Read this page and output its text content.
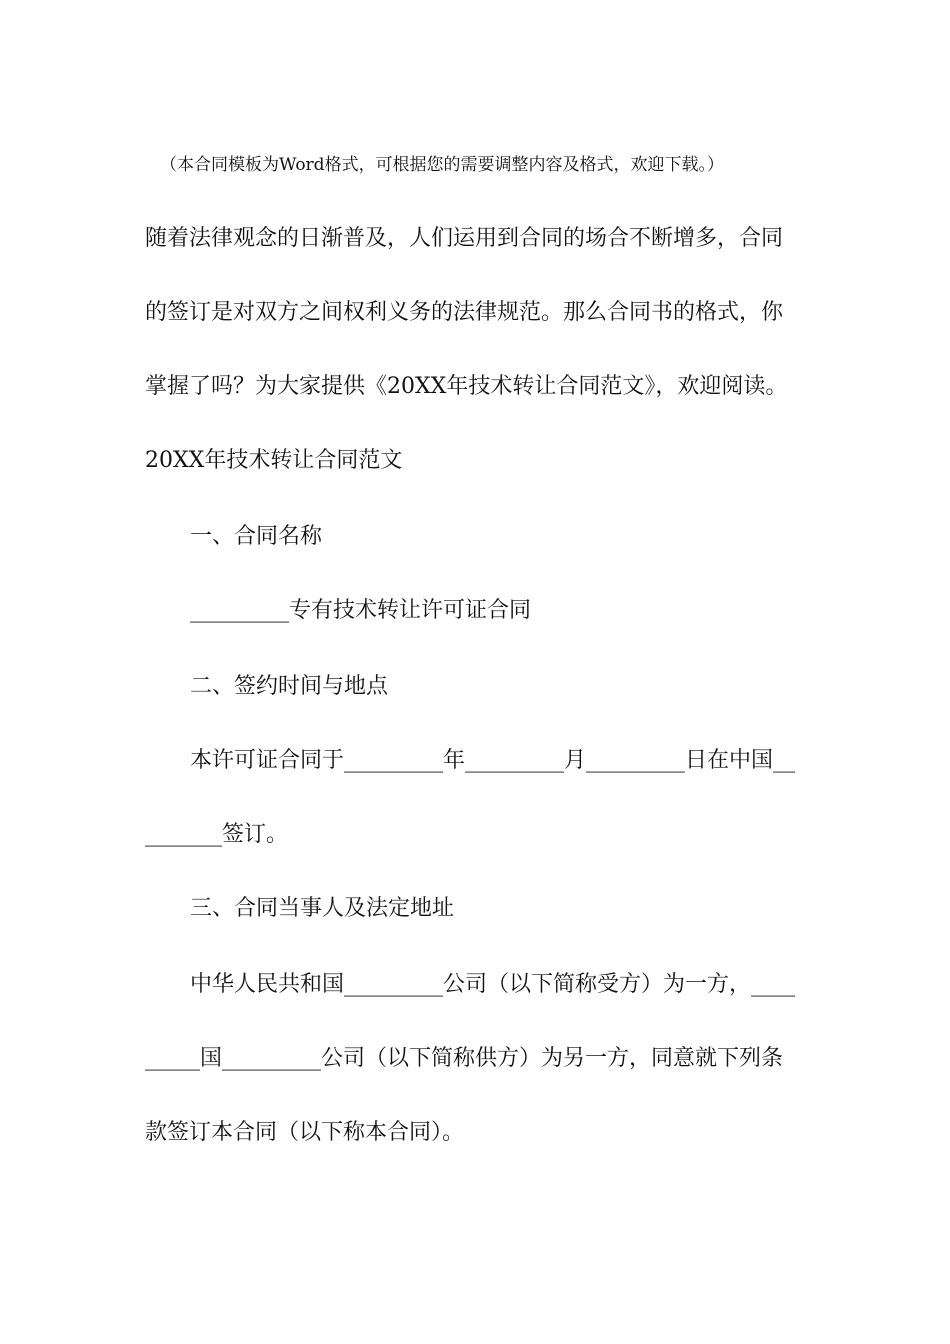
（本合同模板为Word格式，可根据您的需要调整内容及格式，欢迎下载。）
随着法律观念的日渐普及，人们运用到合同的场合不断增多，合同
的签订是对双方之间权利义务的法律规范。那么合同书的格式，你
掌握了吗？为大家提供《20XX年技术转让合同范文》，欢迎阅读。
20XX年技术转让合同范文
一、合同名称
_________专有技术转让许可证合同
二、签约时间与地点
本许可证合同于_________年_________月_________日在中国__
_______签订。
三、合同当事人及法定地址
中华人民共和国_________公司（以下简称受方）为一方，____
_____国_________公司（以下简称供方）为另一方，同意就下列条
款签订本合同（以下称本合同）。
